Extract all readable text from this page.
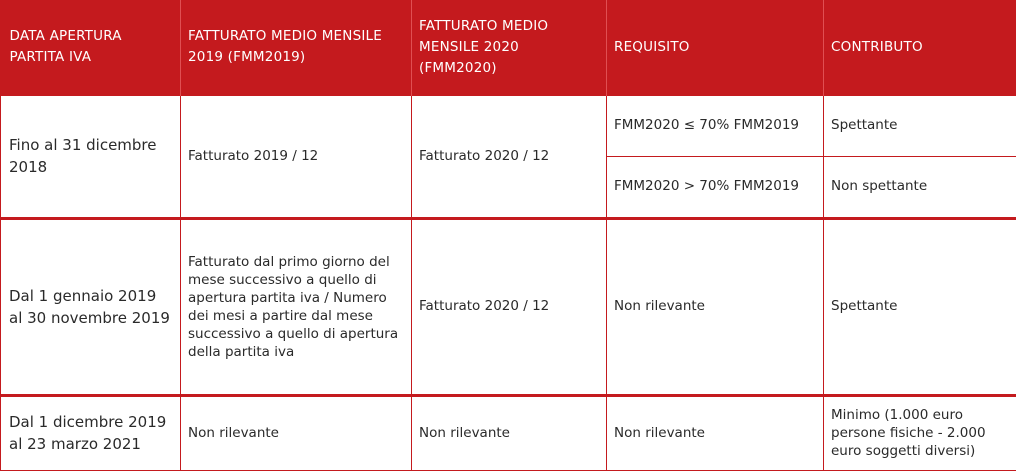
DATA APERTURA PARTITA IVA	FATTURATO MEDIO MENSILE 2019 (FMM2019)	FATTURATO MEDIO MENSILE 2020 (FMM2020)	REQUISITO	CONTRIBUTO
Fino al 31 dicembre 2018	Fatturato 2019 / 12	Fatturato 2020 / 12	FMM2020 ≤ 70% FMM2019	Spettante
			FMM2020 > 70% FMM2019	Non spettante

Dal 1 gennaio 2019 al 30 novembre 2019	Fatturato dal primo giorno del mese successivo a quello di apertura partita iva / Numero dei mesi a partire dal mese successivo a quello di apertura della partita iva	Fatturato 2020 / 12	Non rilevante	Spettante

Dal 1 dicembre 2019 al 23 marzo 2021	Non rilevante	Non rilevante	Non rilevante	Minimo (1.000 euro persone fisiche - 2.000 euro soggetti diversi)
